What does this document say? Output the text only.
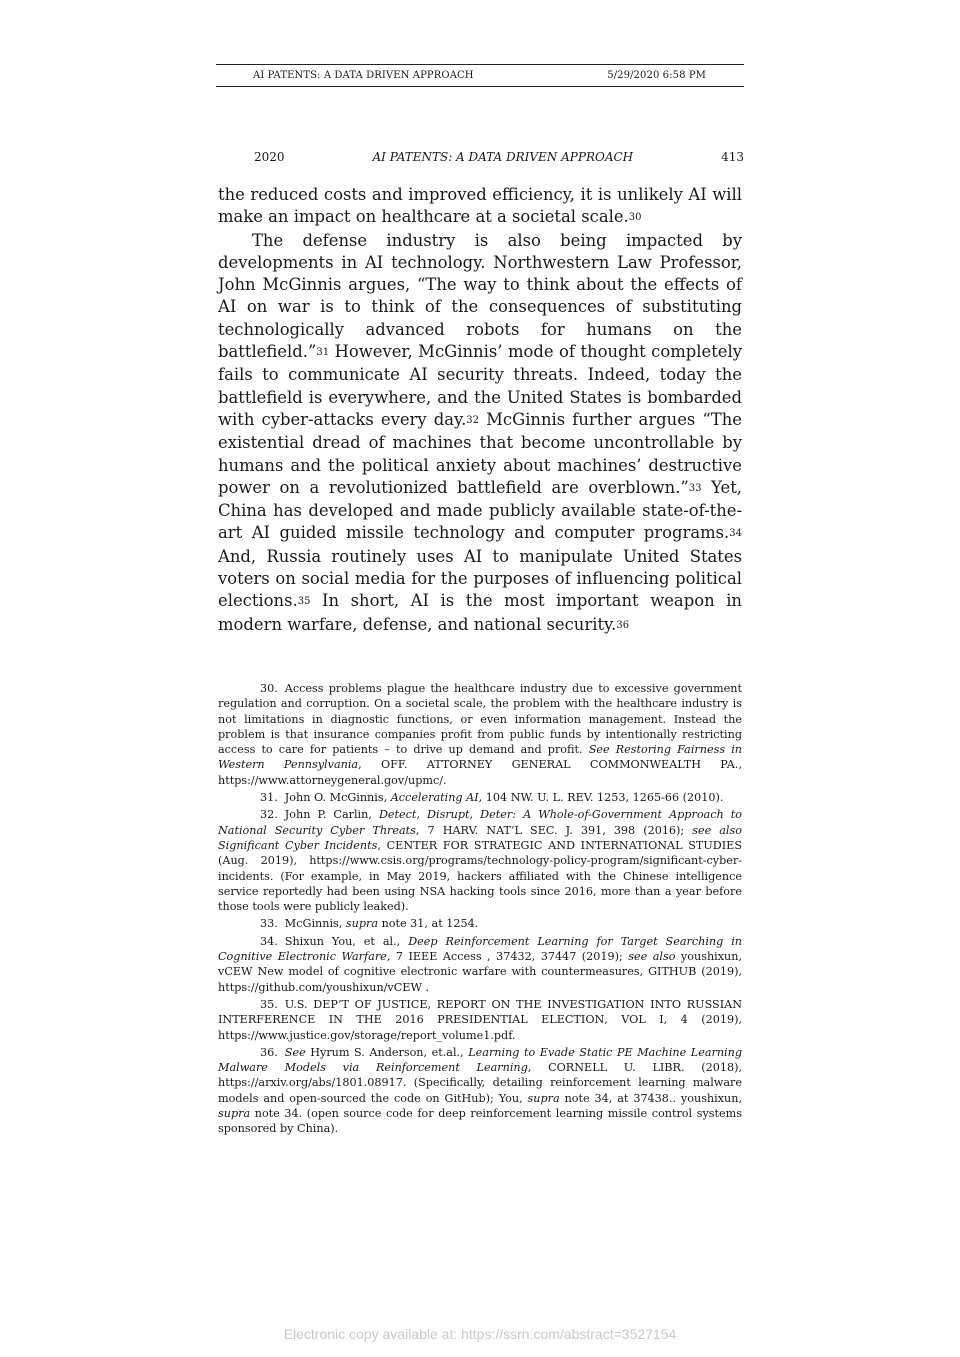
AI PATENTS: A DATA DRIVEN APPROACH	5/29/2020 6:58 PM
2020	AI PATENTS: A DATA DRIVEN APPROACH	413

the reduced costs and improved efficiency, it is unlikely AI will make an impact on healthcare at a societal scale.$^{30}$

The defense industry is also being impacted by developments in AI technology. Northwestern Law Professor, John McGinnis argues, “The way to think about the effects of AI on war is to think of the consequences of substituting technologically advanced robots for humans on the battlefield.”$^{31}$ However, McGinnis’ mode of thought completely fails to communicate AI security threats. Indeed, today the battlefield is everywhere, and the United States is bombarded with cyber-attacks every day.$^{32}$ McGinnis further argues “The existential dread of machines that become uncontrollable by humans and the political anxiety about machines’ destructive power on a revolutionized battlefield are overblown.”$^{33}$ Yet, China has developed and made publicly available state-of-the-art AI guided missile technology and computer programs.$^{34}$ And, Russia routinely uses AI to manipulate United States voters on social media for the purposes of influencing political elections.$^{35}$ In short, AI is the most important weapon in modern warfare, defense, and national security.$^{36}$

30. Access problems plague the healthcare industry due to excessive government regulation and corruption. On a societal scale, the problem with the healthcare industry is not limitations in diagnostic functions, or even information management. Instead the problem is that insurance companies profit from public funds by intentionally restricting access to care for patients – to drive up demand and profit. See Restoring Fairness in Western Pennsylvania, OFF. ATTORNEY GENERAL COMMONWEALTH PA., https://www.attorneygeneral.gov/upmc/.

31. John O. McGinnis, Accelerating AI, 104 NW. U. L. REV. 1253, 1265-66 (2010).

32. John P. Carlin, Detect, Disrupt, Deter: A Whole-of-Government Approach to National Security Cyber Threats, 7 HARV. NAT’L SEC. J. 391, 398 (2016); see also Significant Cyber Incidents, CENTER FOR STRATEGIC AND INTERNATIONAL STUDIES (Aug. 2019), https://www.csis.org/programs/technology-policy-program/significant-cyber-incidents. (For example, in May 2019, hackers affiliated with the Chinese intelligence service reportedly had been using NSA hacking tools since 2016, more than a year before those tools were publicly leaked).

33. McGinnis, supra note 31, at 1254.

34. Shixun You, et al., Deep Reinforcement Learning for Target Searching in Cognitive Electronic Warfare, 7 IEEE Access , 37432, 37447 (2019); see also youshixun, vCEW New model of cognitive electronic warfare with countermeasures, GITHUB (2019), https://github.com/youshixun/vCEW .

35. U.S. DEP’T OF JUSTICE, REPORT ON THE INVESTIGATION INTO RUSSIAN INTERFERENCE IN THE 2016 PRESIDENTIAL ELECTION, VOL I, 4 (2019), https://www.justice.gov/storage/report_volume1.pdf.

36. See Hyrum S. Anderson, et.al., Learning to Evade Static PE Machine Learning Malware Models via Reinforcement Learning, CORNELL U. LIBR. (2018), https://arxiv.org/abs/1801.08917. (Specifically, detailing reinforcement learning malware models and open-sourced the code on GitHub); You, supra note 34, at 37438.. youshixun, supra note 34. (open source code for deep reinforcement learning missile control systems sponsored by China).

Electronic copy available at: https://ssrn.com/abstract=3527154
